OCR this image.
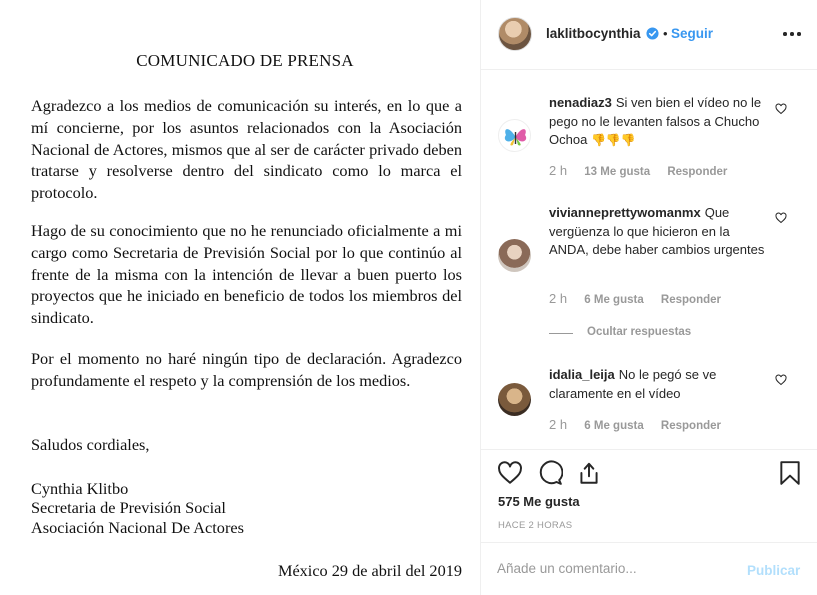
COMUNICADO DE PRENSA
Agradezco a los medios de comunicación su interés, en lo que a mí concierne, por los asuntos relacionados con la Asociación Nacional de Actores, mismos que al ser de carácter privado deben tratarse y resolverse dentro del sindicato como lo marca el protocolo.
Hago de su conocimiento que no he renunciado oficialmente a mi cargo como Secretaria de Previsión Social por lo que continúo al frente de la misma con la intención de llevar a buen puerto los proyectos que he iniciado en beneficio de todos los miembros del sindicato.
Por el momento no haré ningún tipo de declaración. Agradezco profundamente el respeto y la comprensión de los medios.
Saludos cordiales,
Cynthia Klitbo
Secretaria de Previsión Social
Asociación Nacional De Actores
México 29 de abril del 2019
laklitbocynthia • Seguir
nenadiaz3 Si ven bien el vídeo no le pego no le levanten falsos a Chucho Ochoa 👎👎👎
2 h 13 Me gusta Responder
vivianneprettywomanmx Que vergüenza lo que hicieron en la ANDA, debe haber cambios urgentes
2 h 6 Me gusta Responder
Ocultar respuestas
idalia_leija No le pegó se ve claramente en el vídeo
2 h 6 Me gusta Responder
575 Me gusta
HACE 2 HORAS
Añade un comentario...
Publicar
